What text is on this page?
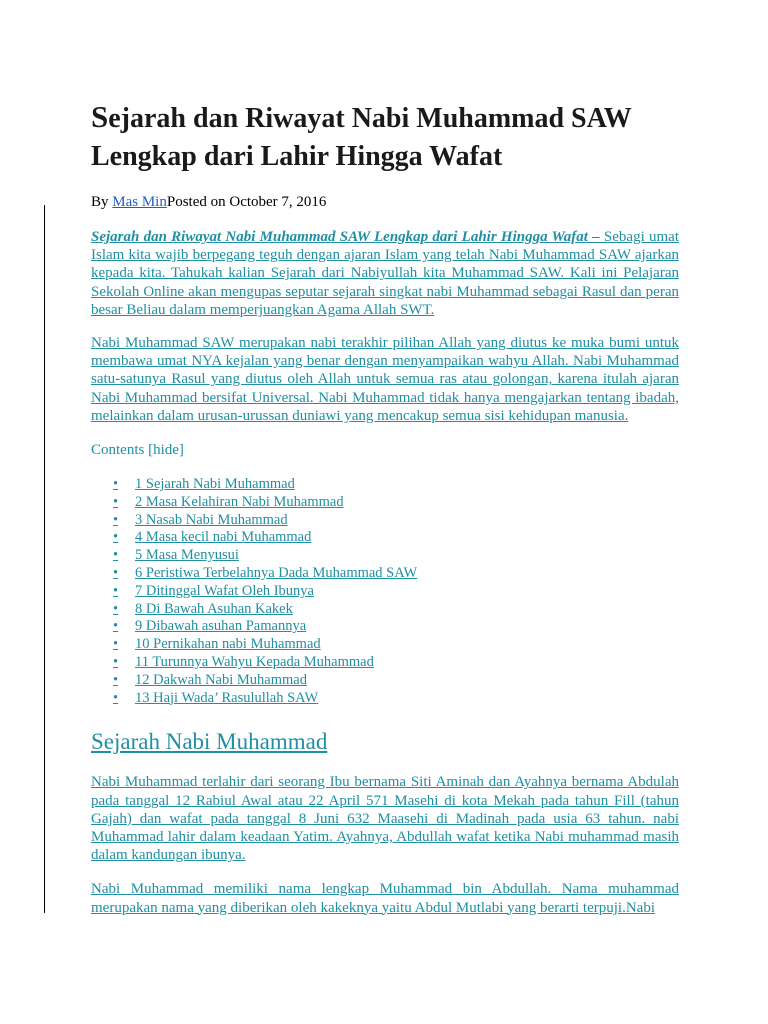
Sejarah dan Riwayat Nabi Muhammad SAW Lengkap dari Lahir Hingga Wafat
By Mas MinPosted on October 7, 2016

Sejarah dan Riwayat Nabi Muhammad SAW Lengkap dari Lahir Hingga Wafat – Sebagi umat Islam kita wajib berpegang teguh dengan ajaran Islam yang telah Nabi Muhammad SAW ajarkan kepada kita. Tahukah kalian Sejarah dari Nabiyullah kita Muhammad SAW. Kali ini Pelajaran Sekolah Online akan mengupas seputar sejarah singkat nabi Muhammad sebagai Rasul dan peran besar Beliau dalam memperjuangkan Agama Allah SWT.

Nabi Muhammad SAW merupakan nabi terakhir pilihan Allah yang diutus ke muka bumi untuk membawa umat NYA kejalan yang benar dengan menyampaikan wahyu Allah. Nabi Muhammad satu-satunya Rasul yang diutus oleh Allah untuk semua ras atau golongan, karena itulah ajaran Nabi Muhammad bersifat Universal. Nabi Muhammad tidak hanya mengajarkan tentang ibadah, melainkan dalam urusan-urussan duniawi yang mencakup semua sisi kehidupan manusia.

Contents [hide]
• 1 Sejarah Nabi Muhammad
• 2 Masa Kelahiran Nabi Muhammad
• 3 Nasab Nabi Muhammad
• 4 Masa kecil nabi Muhammad
• 5 Masa Menyusui
• 6 Peristiwa Terbelahnya Dada Muhammad SAW
• 7 Ditinggal Wafat Oleh Ibunya
• 8 Di Bawah Asuhan Kakek
• 9 Dibawah asuhan Pamannya
• 10 Pernikahan nabi Muhammad
• 11 Turunnya Wahyu Kepada Muhammad
• 12 Dakwah Nabi Muhammad
• 13 Haji Wada’ Rasulullah SAW
Sejarah Nabi Muhammad

Nabi Muhammad terlahir dari seorang Ibu bernama Siti Aminah dan Ayahnya bernama Abdulah pada tanggal 12 Rabiul Awal atau 22 April 571 Masehi di kota Mekah pada tahun Fill (tahun Gajah) dan wafat pada tanggal 8 Juni 632 Maasehi di Madinah pada usia 63 tahun. nabi Muhammad lahir dalam keadaan Yatim. Ayahnya, Abdullah wafat ketika Nabi muhammad masih dalam kandungan ibunya.

Nabi Muhammad memiliki nama lengkap Muhammad bin Abdullah. Nama muhammad merupakan nama yang diberikan oleh kakeknya yaitu Abdul Mutlabi yang berarti terpuji.Nabi
